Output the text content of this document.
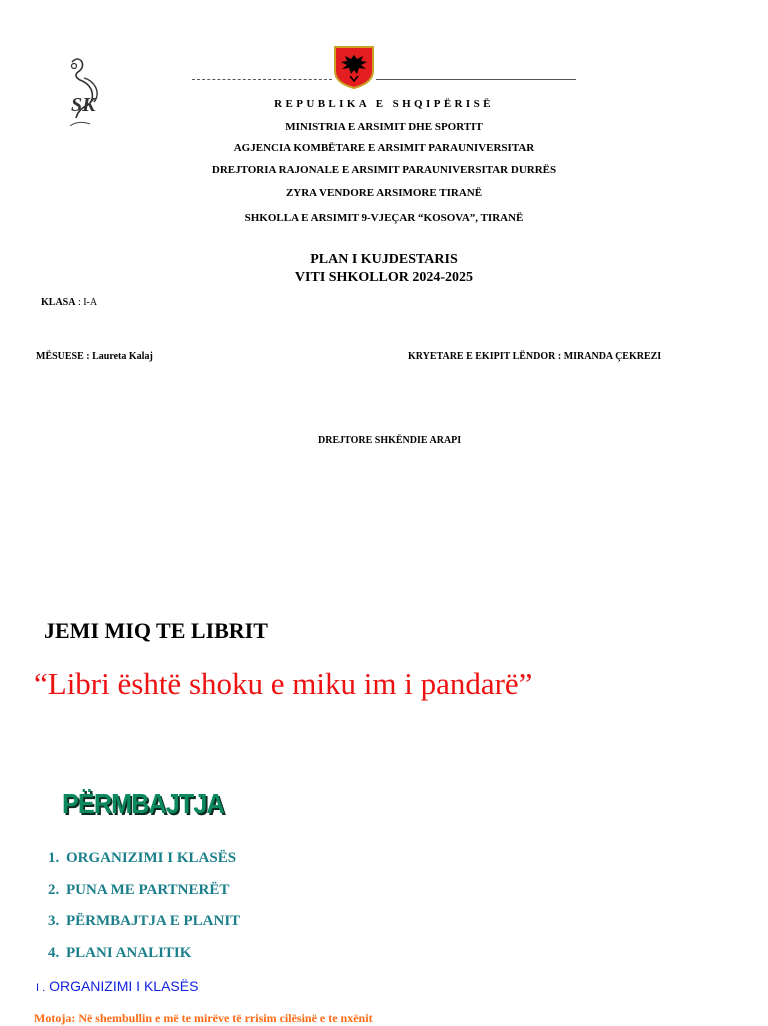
SK	REPUBLIKA E SHQIPËRISË
MINISTRIA E ARSIMIT DHE SPORTIT
AGJENCIA KOMBËTARE E ARSIMIT PARAUNIVERSITAR
DREJTORIA RAJONALE E ARSIMIT PARAUNIVERSITAR DURRËS
ZYRA VENDORE ARSIMORE TIRANË
SHKOLLA E ARSIMIT 9-VJEÇAR “KOSOVA”, TIRANË
PLAN I KUJDESTARIS
VITI SHKOLLOR 2024-2025
KLASA : I-A
MËSUESE : Laureta Kalaj	KRYETARE E EKIPIT LËNDOR : MIRANDA ÇEKREZI
DREJTORE SHKËNDIE ARAPI
JEMI MIQ TE LIBRIT
“Libri është shoku e miku im i pandarë”
PËRMBAJTJA
1. ORGANIZIMI I KLASËS
2. PUNA ME PARTNERËT
3. PËRMBAJTJA E PLANIT
4. PLANI ANALITIK
I . ORGANIZIMI I KLASËS
Motoja: Në shembullin e më te mirëve të rrisim cilësinë e te nxënit
